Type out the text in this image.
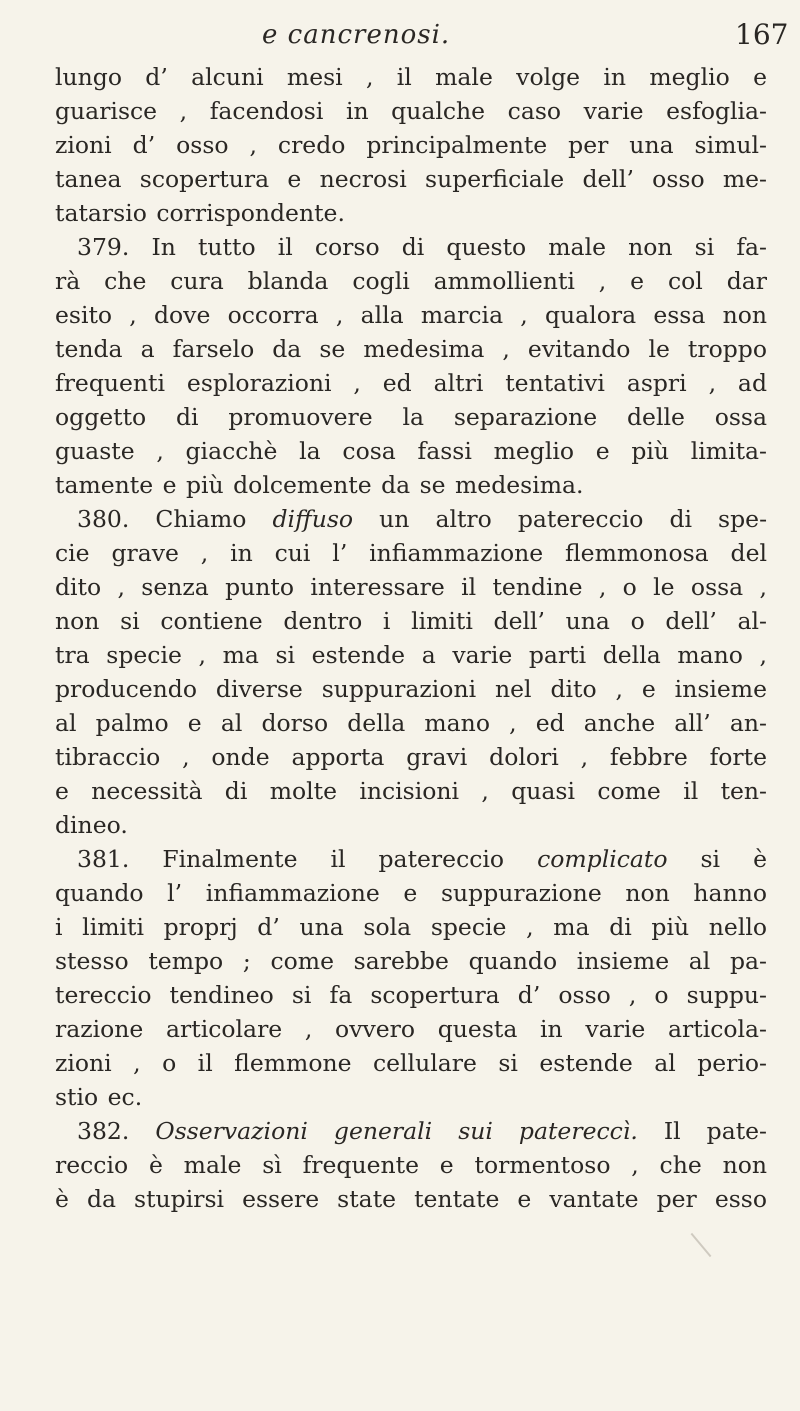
e cancrenosi.	167
lungo d’ alcuni mesi , il male volge in meglio e
guarisce , facendosi in qualche caso varie esfoglia-
zioni d’ osso , credo principalmente per una simul-
tanea scopertura e necrosi superficiale dell’ osso me-
tatarsio corrispondente.
379. In tutto il corso di questo male non si fa-
rà che cura blanda cogli ammollienti , e col dar
esito , dove occorra , alla marcia , qualora essa non
tenda a farselo da se medesima , evitando le troppo
frequenti esplorazioni , ed altri tentativi aspri , ad
oggetto di promuovere la separazione delle ossa
guaste , giacchè la cosa fassi meglio e più limita-
tamente e più dolcemente da se medesima.
380. Chiamo diffuso un altro patereccio di spe-
cie grave , in cui l’ infiammazione flemmonosa del
dito , senza punto interessare il tendine , o le ossa ,
non si contiene dentro i limiti dell’ una o dell’ al-
tra specie , ma si estende a varie parti della mano ,
producendo diverse suppurazioni nel dito , e insieme
al palmo e al dorso della mano , ed anche all’ an-
tibraccio , onde apporta gravi dolori , febbre forte
e necessità di molte incisioni , quasi come il ten-
dineo.
381. Finalmente il patereccio complicato si è
quando l’ infiammazione e suppurazione non hanno
i limiti proprj d’ una sola specie , ma di più nello
stesso tempo ; come sarebbe quando insieme al pa-
tereccio tendineo si fa scopertura d’ osso , o suppu-
razione articolare , ovvero questa in varie articola-
zioni , o il flemmone cellulare si estende al perio-
stio ec.
382. Osservazioni generali sui patereccì. Il pate-
reccio è male sì frequente e tormentoso , che non
è da stupirsi essere state tentate e vantate per esso
